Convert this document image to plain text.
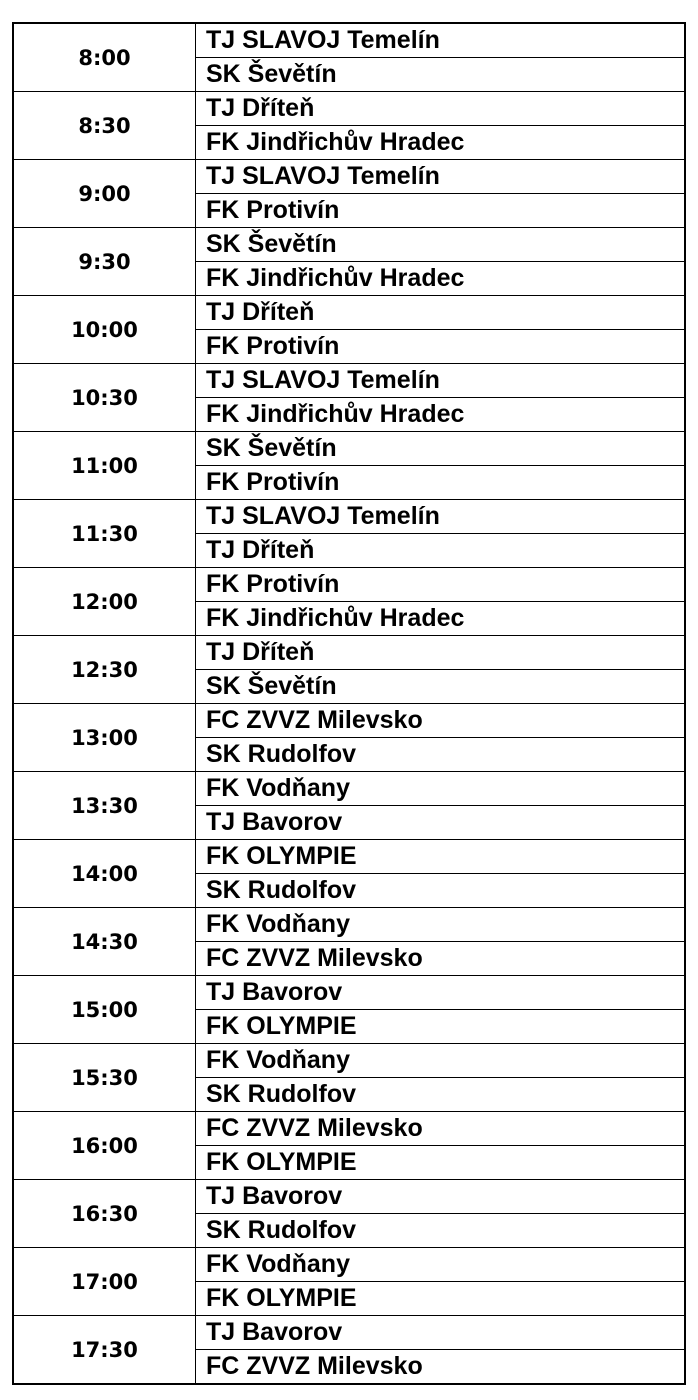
8:00
TJ SLAVOJ Temelín
SK Ševětín
8:30
TJ Dříteň
FK Jindřichův Hradec
9:00
TJ SLAVOJ Temelín
FK Protivín
9:30
SK Ševětín
FK Jindřichův Hradec
10:00
TJ Dříteň
FK Protivín
10:30
TJ SLAVOJ Temelín
FK Jindřichův Hradec
11:00
SK Ševětín
FK Protivín
11:30
TJ SLAVOJ Temelín
TJ Dříteň
12:00
FK Protivín
FK Jindřichův Hradec
12:30
TJ Dříteň
SK Ševětín
13:00
FC ZVVZ Milevsko
SK Rudolfov
13:30
FK Vodňany
TJ Bavorov
14:00
FK OLYMPIE
SK Rudolfov
14:30
FK Vodňany
FC ZVVZ Milevsko
15:00
TJ Bavorov
FK OLYMPIE
15:30
FK Vodňany
SK Rudolfov
16:00
FC ZVVZ Milevsko
FK OLYMPIE
16:30
TJ Bavorov
SK Rudolfov
17:00
FK Vodňany
FK OLYMPIE
17:30
TJ Bavorov
FC ZVVZ Milevsko
